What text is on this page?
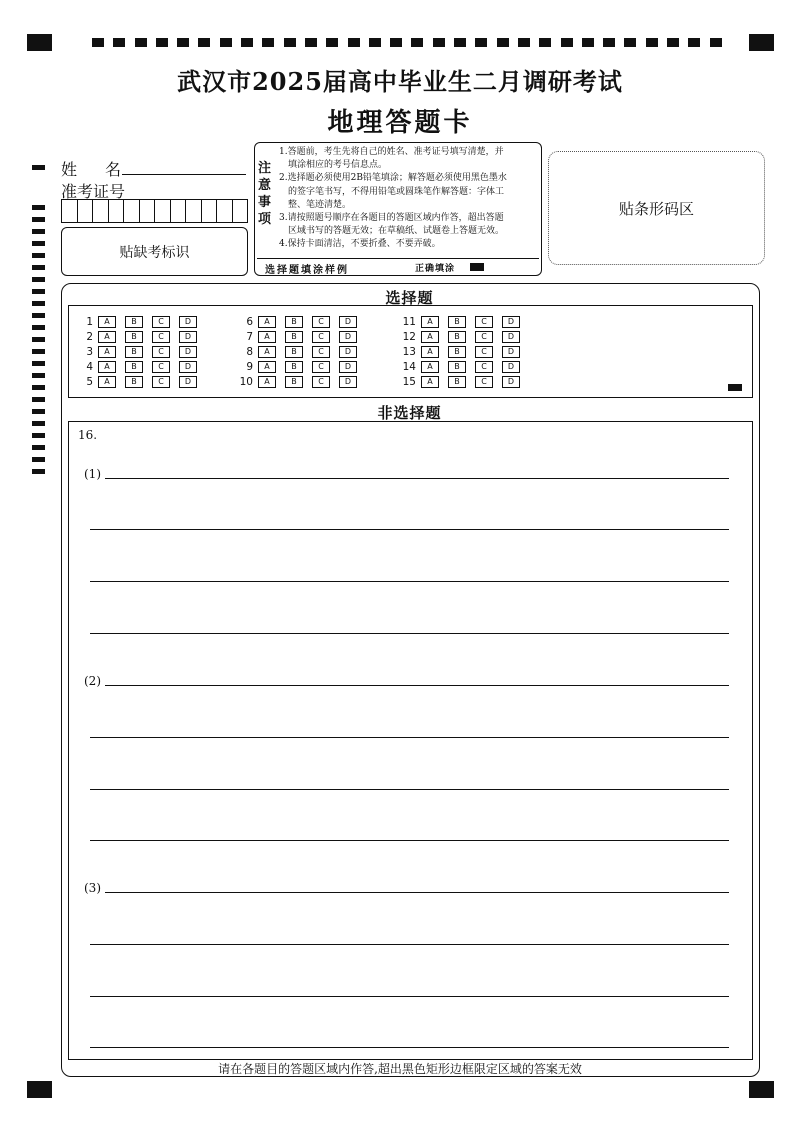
武汉市2025届高中毕业生二月调研考试
地理答题卡
姓　名
准考证号
贴缺考标识
注
意
事
项
1.答题前，考生先将自己的姓名、准考证号填写清楚，并
　填涂相应的考号信息点。
2.选择题必须使用2B铅笔填涂；解答题必须使用黑色墨水
　的签字笔书写，不得用铅笔或圆珠笔作解答题：字体工
　整、笔迹清楚。
3.请按照题号顺序在各题目的答题区域内作答，超出答题
　区域书写的答题无效；在草稿纸、试题卷上答题无效。
4.保持卡面清洁，不要折叠、不要弄破。
选择题填涂样例	正确填涂
贴条形码区
选择题
1	A	B	C	D
2	A	B	C	D
3	A	B	C	D
4	A	B	C	D
5	A	B	C	D
6	A	B	C	D
7	A	B	C	D
8	A	B	C	D
9	A	B	C	D
10	A	B	C	D
11	A	B	C	D
12	A	B	C	D
13	A	B	C	D
14	A	B	C	D
15	A	B	C	D
非选择题
16.
(1)
(2)
(3)
请在各题目的答题区域内作答,超出黑色矩形边框限定区域的答案无效
